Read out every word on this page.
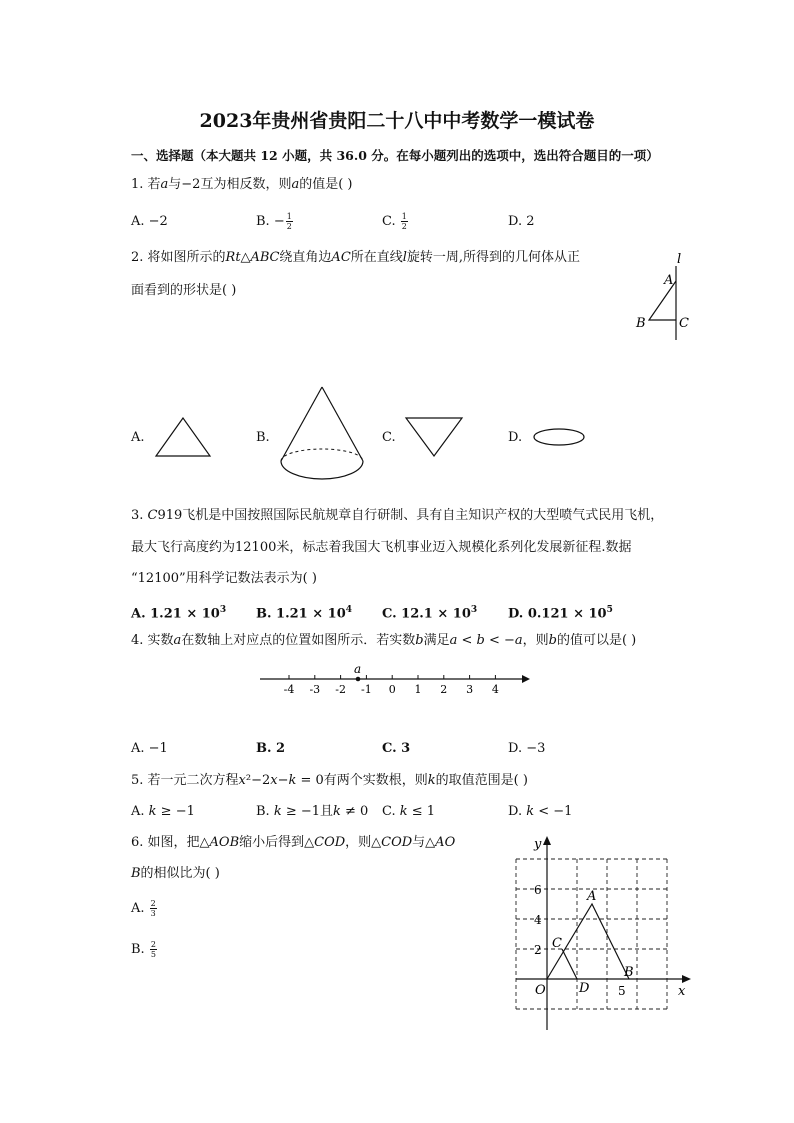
2023年贵州省贵阳二十八中中考数学一模试卷
一、选择题（本大题共 12 小题，共 36.0 分。在每小题列出的选项中，选出符合题目的一项）
1. 若𝑎与−2互为相反数，则𝑎的值是( )
A. −2	B. − $\frac{1}{2}$	C. $\frac{1}{2}$	D. 2
2. 将如图所示的𝑅𝑡△𝐴𝐵𝐶绕直角边𝐴𝐶所在直线𝑙旋转一周,所得到的几何体从正
面看到的形状是( )
l
A
B	C
A.	B.	C.	D.
3. 𝐶919飞机是中国按照国际民航规章自行研制、具有自主知识产权的大型喷气式民用飞机，
最大飞行高度约为12100米，标志着我国大飞机事业迈入规模化系列化发展新征程.数据
“12100”用科学记数法表示为( )
A. $1.21 \times 10^3$ B. $1.21 \times 10^4$ C. $12.1 \times 10^3$ D. $0.121 \times 10^5$
4. 实数𝑎在数轴上对应点的位置如图所示．若实数𝑏满足𝑎 < 𝑏 < −𝑎，则𝑏的值可以是( )
-4 -3 -2 -1 0 1 2 3 4
a
A. −1	B. 2	C. 3	D. −3
5. 若一元二次方程𝑥²−2𝑥−𝑘 = 0有两个实数根，则𝑘的取值范围是( )
A. 𝑘 ≥ −1	B. 𝑘 ≥ −1且𝑘 ≠ 0 C. 𝑘 ≤ 1	D. 𝑘 < −1
6. 如图，把△𝐴𝑂𝐵缩小后得到△𝐶𝑂𝐷，则△𝐶𝑂𝐷与△𝐴𝑂
𝐵的相似比为( )
A. $\frac{2}{3}$
B. $\frac{2}{5}$
y
x
O
A
B
C
D
2
4
6
5
